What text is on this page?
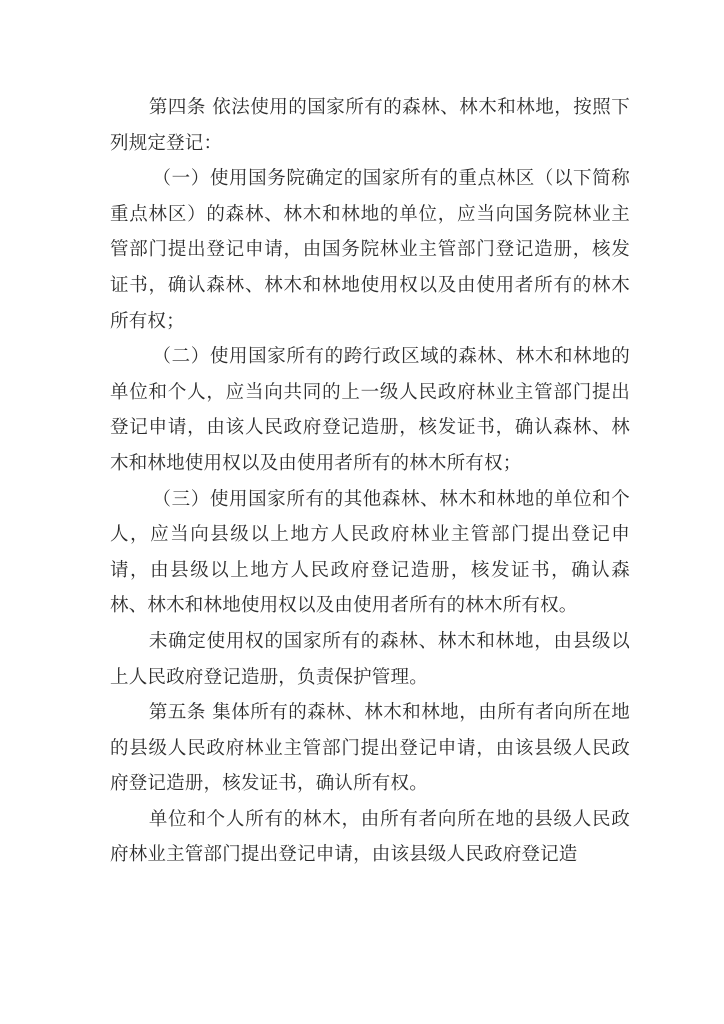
第四条 依法使用的国家所有的森林、林木和林地，按照下列规定登记：

（一）使用国务院确定的国家所有的重点林区（以下简称重点林区）的森林、林木和林地的单位，应当向国务院林业主管部门提出登记申请，由国务院林业主管部门登记造册，核发证书，确认森林、林木和林地使用权以及由使用者所有的林木所有权；

（二）使用国家所有的跨行政区域的森林、林木和林地的单位和个人，应当向共同的上一级人民政府林业主管部门提出登记申请，由该人民政府登记造册，核发证书，确认森林、林木和林地使用权以及由使用者所有的林木所有权；

（三）使用国家所有的其他森林、林木和林地的单位和个人，应当向县级以上地方人民政府林业主管部门提出登记申请，由县级以上地方人民政府登记造册，核发证书，确认森林、林木和林地使用权以及由使用者所有的林木所有权。

未确定使用权的国家所有的森林、林木和林地，由县级以上人民政府登记造册，负责保护管理。

第五条 集体所有的森林、林木和林地，由所有者向所在地的县级人民政府林业主管部门提出登记申请，由该县级人民政府登记造册，核发证书，确认所有权。

单位和个人所有的林木，由所有者向所在地的县级人民政府林业主管部门提出登记申请，由该县级人民政府登记造
